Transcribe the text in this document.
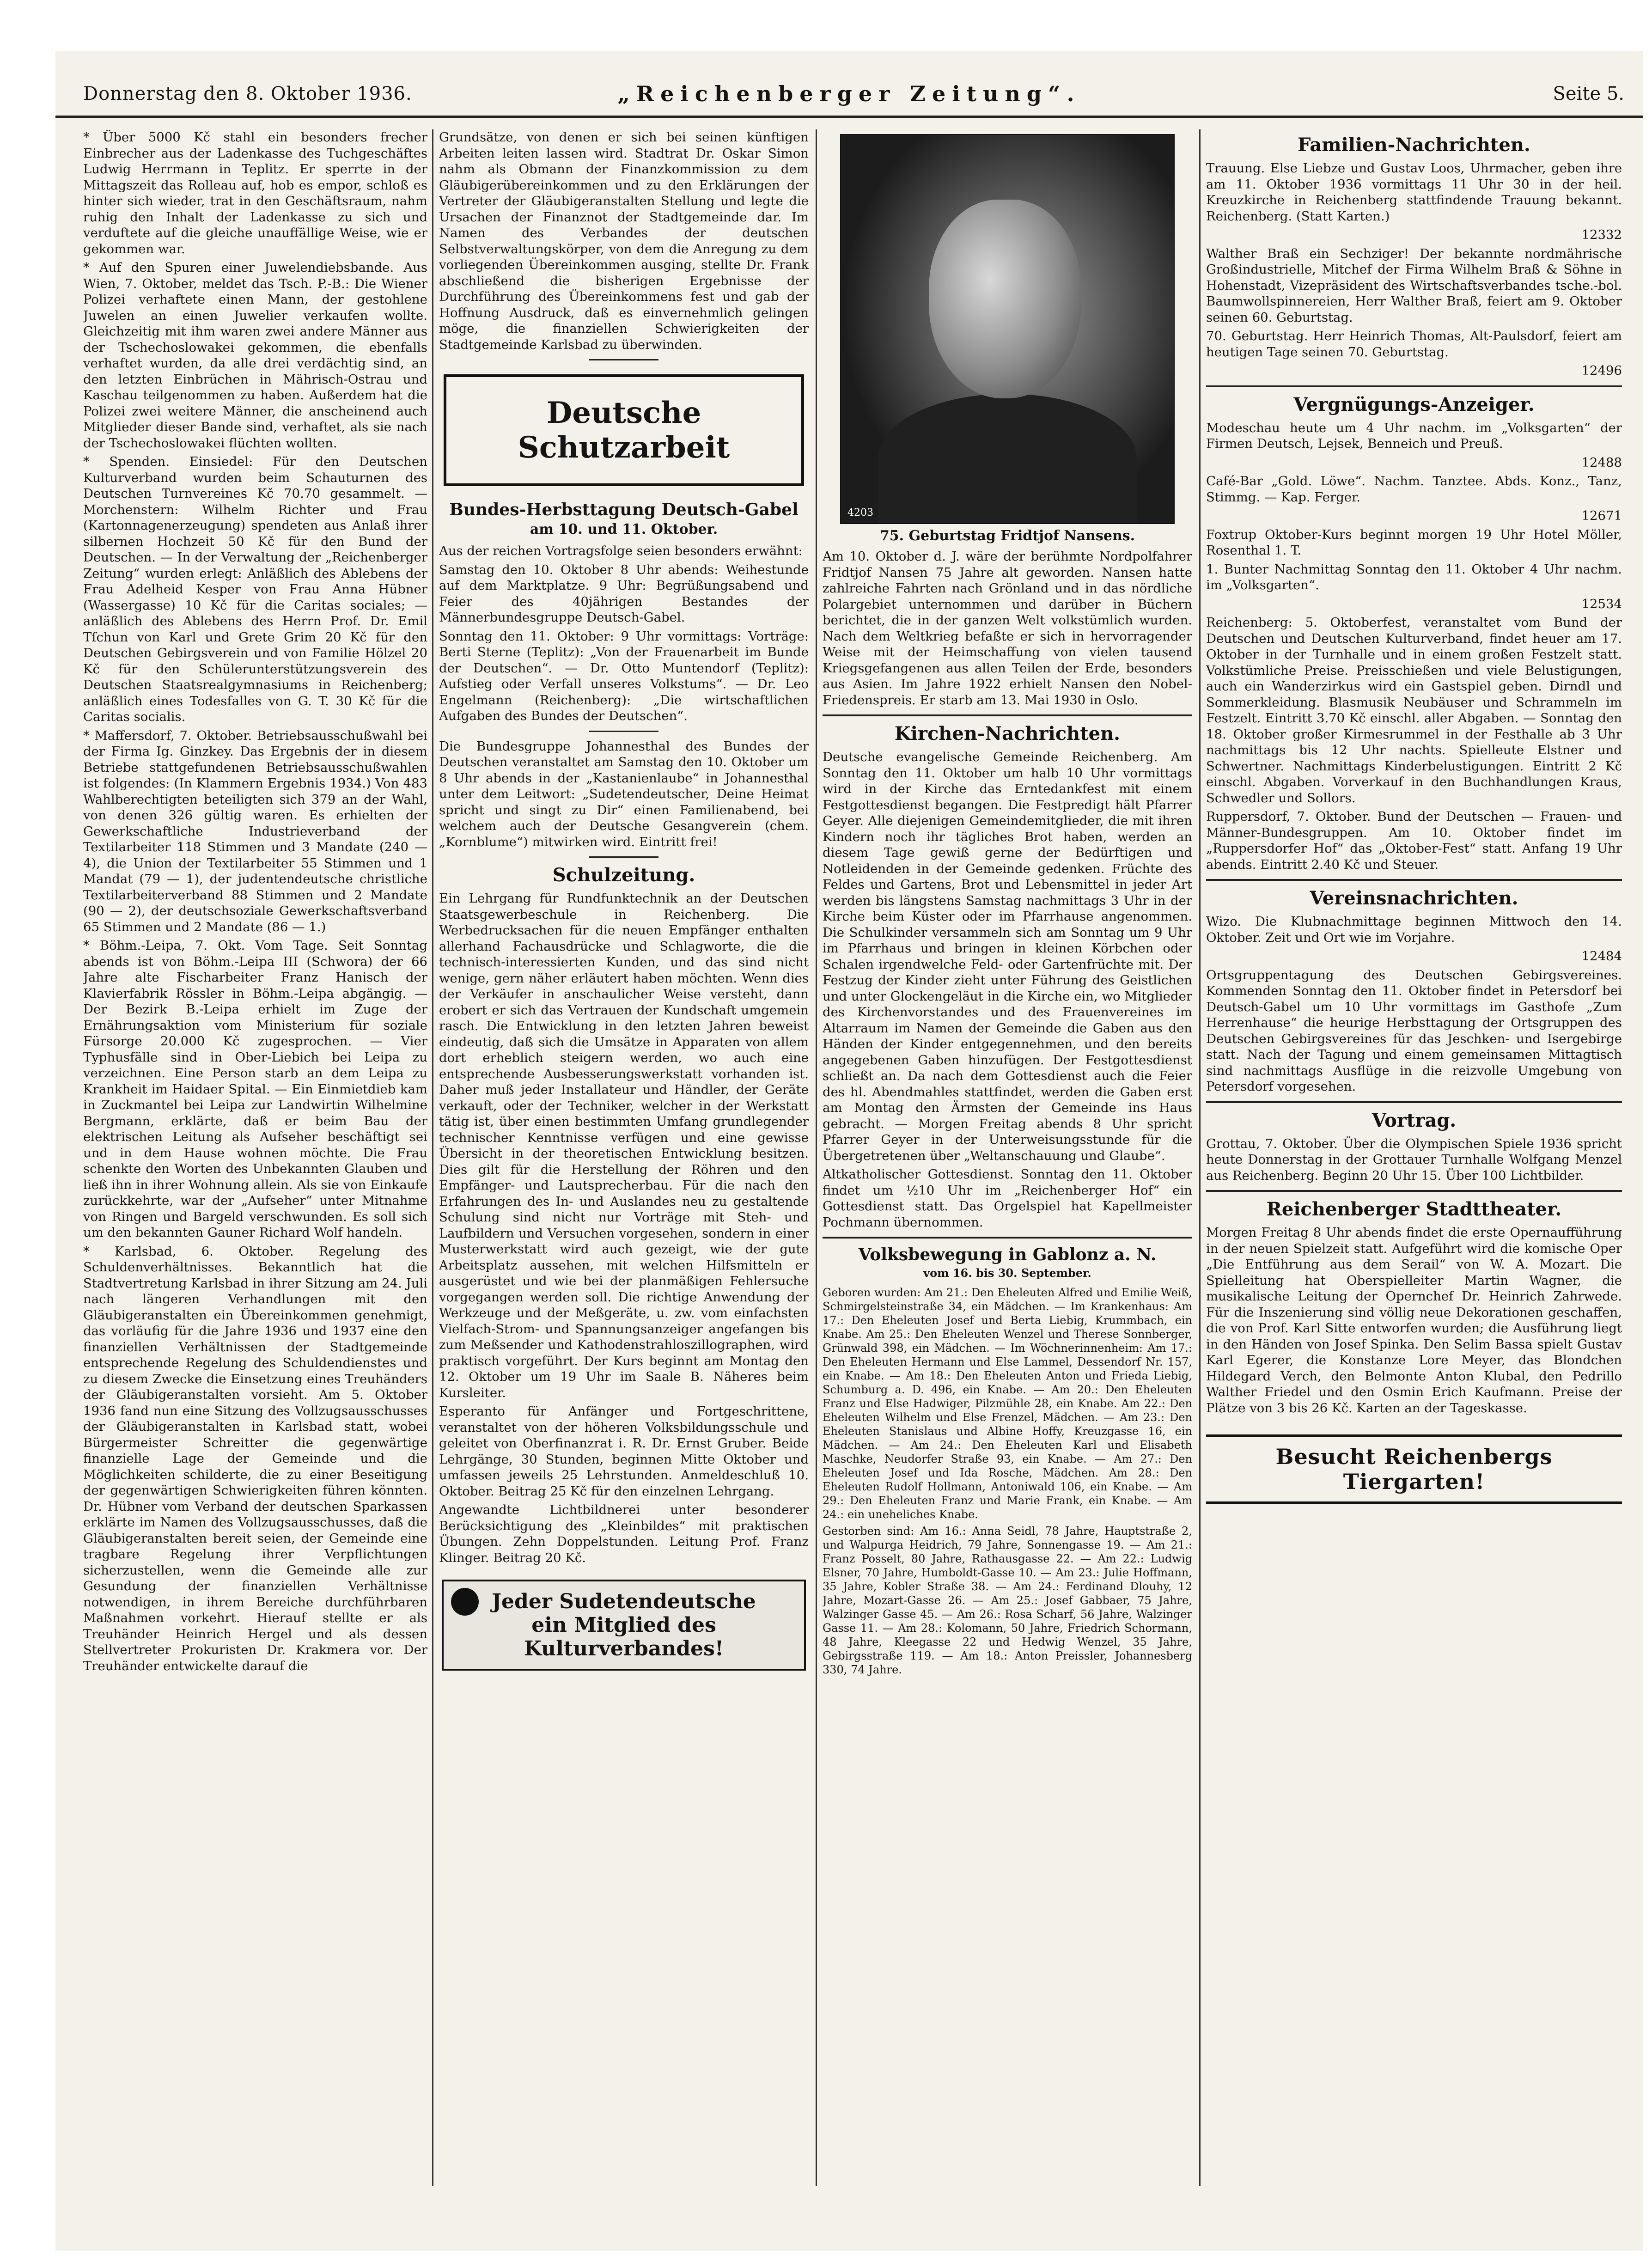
Donnerstag den 8. Oktober 1936.	„Reichenberger Zeitung“.	Seite 5.

* Über 5000 Kč stahl ein besonders frecher Einbrecher aus der Ladenkasse des Tuchgeschäftes Ludwig Herrmann in Teplitz. Er sperrte in der Mittagszeit das Rolleau auf, hob es empor, schloß es hinter sich wieder, trat in den Geschäftsraum, nahm ruhig den Inhalt der Ladenkasse zu sich und verduftete auf die gleiche unauffällige Weise, wie er gekommen war.

* Auf den Spuren einer Juwelendiebsbande. Aus Wien, 7. Oktober, meldet das Tsch. P.-B.: Die Wiener Polizei verhaftete einen Mann, der gestohlene Juwelen an einen Juwelier verkaufen wollte. Gleichzeitig mit ihm waren zwei andere Männer aus der Tschechoslowakei gekommen, die ebenfalls verhaftet wurden, da alle drei verdächtig sind, an den letzten Einbrüchen in Mährisch-Ostrau und Kaschau teilgenommen zu haben. Außerdem hat die Polizei zwei weitere Männer, die anscheinend auch Mitglieder dieser Bande sind, verhaftet, als sie nach der Tschechoslowakei flüchten wollten.

* Spenden. Einsiedel: Für den Deutschen Kulturverband wurden beim Schauturnen des Deutschen Turnvereines Kč 70.70 gesammelt. — Morchenstern: Wilhelm Richter und Frau (Kartonnagenerzeugung) spendeten aus Anlaß ihrer silbernen Hochzeit 50 Kč für den Bund der Deutschen. — In der Verwaltung der „Reichenberger Zeitung“ wurden erlegt: Anläßlich des Ablebens der Frau Adelheid Kesper von Frau Anna Hübner (Wassergasse) 10 Kč für die Caritas sociales; — anläßlich des Ablebens des Herrn Prof. Dr. Emil Tſchun von Karl und Grete Grim 20 Kč für den Deutschen Gebirgsverein und von Familie Hölzel 20 Kč für den Schülerunterstützungsverein des Deutschen Staatsrealgymnasiums in Reichenberg; anläßlich eines Todesfalles von G. T. 30 Kč für die Caritas socialis.

* Maffersdorf, 7. Oktober. Betriebsausschußwahl bei der Firma Ig. Ginzkey. Das Ergebnis der in diesem Betriebe stattgefundenen Betriebsausschußwahlen ist folgendes: (In Klammern Ergebnis 1934.) Von 483 Wahlberechtigten beteiligten sich 379 an der Wahl, von denen 326 gültig waren. Es erhielten der Gewerkschaftliche Industrieverband der Textilarbeiter 118 Stimmen und 3 Mandate (240 — 4), die Union der Textilarbeiter 55 Stimmen und 1 Mandat (79 — 1), der judentendeutsche christliche Textilarbeiterverband 88 Stimmen und 2 Mandate (90 — 2), der deutschsoziale Gewerkschaftsverband 65 Stimmen und 2 Mandate (86 — 1.)

* Böhm.-Leipa, 7. Okt. Vom Tage. Seit Sonntag abends ist von Böhm.-Leipa III (Schwora) der 66 Jahre alte Fischarbeiter Franz Hanisch der Klavierfabrik Rössler in Böhm.-Leipa abgängig. — Der Bezirk B.-Leipa erhielt im Zuge der Ernährungsaktion vom Ministerium für soziale Fürsorge 20.000 Kč zugesprochen. — Vier Typhusfälle sind in Ober-Liebich bei Leipa zu verzeichnen. Eine Person starb an dem Leipa zu Krankheit im Haidaer Spital. — Ein Einmietdieb kam in Zuckmantel bei Leipa zur Landwirtin Wilhelmine Bergmann, erklärte, daß er beim Bau der elektrischen Leitung als Aufseher beschäftigt sei und in dem Hause wohnen möchte. Die Frau schenkte den Worten des Unbekannten Glauben und ließ ihn in ihrer Wohnung allein. Als sie von Einkaufe zurückkehrte, war der „Aufseher“ unter Mitnahme von Ringen und Bargeld verschwunden. Es soll sich um den bekannten Gauner Richard Wolf handeln.

* Karlsbad, 6. Oktober. Regelung des Schuldenverhältnisses. Bekanntlich hat die Stadtvertretung Karlsbad in ihrer Sitzung am 24. Juli nach längeren Verhandlungen mit den Gläubigeranstalten ein Übereinkommen genehmigt, das vorläufig für die Jahre 1936 und 1937 eine den finanziellen Verhältnissen der Stadtgemeinde entsprechende Regelung des Schuldendienstes und zu diesem Zwecke die Einsetzung eines Treuhänders der Gläubigeranstalten vorsieht. Am 5. Oktober 1936 fand nun eine Sitzung des Vollzugsausschusses der Gläubigeranstalten in Karlsbad statt, wobei Bürgermeister Schreitter die gegenwärtige finanzielle Lage der Gemeinde und die Möglichkeiten schilderte, die zu einer Beseitigung der gegenwärtigen Schwierigkeiten führen könnten. Dr. Hübner vom Verband der deutschen Sparkassen erklärte im Namen des Vollzugsausschusses, daß die Gläubigeranstalten bereit seien, der Gemeinde eine tragbare Regelung ihrer Verpflichtungen sicherzustellen, wenn die Gemeinde alle zur Gesundung der finanziellen Verhältnisse notwendigen, in ihrem Bereiche durchführbaren Maßnahmen vorkehrt. Hierauf stellte er als Treuhänder Heinrich Hergel und als dessen Stellvertreter Prokuristen Dr. Krakmera vor. Der Treuhänder entwickelte darauf die

Grundsätze, von denen er sich bei seinen künftigen Arbeiten leiten lassen wird. Stadtrat Dr. Oskar Simon nahm als Obmann der Finanzkommission zu dem Gläubigerübereinkommen und zu den Erklärungen der Vertreter der Gläubigeranstalten Stellung und legte die Ursachen der Finanznot der Stadtgemeinde dar. Im Namen des Verbandes der deutschen Selbstverwaltungskörper, von dem die Anregung zu dem vorliegenden Übereinkommen ausging, stellte Dr. Frank abschließend die bisherigen Ergebnisse der Durchführung des Übereinkommens fest und gab der Hoffnung Ausdruck, daß es einvernehmlich gelingen möge, die finanziellen Schwierigkeiten der Stadtgemeinde Karlsbad zu überwinden.

Deutsche Schutzarbeit
Bundes-Herbsttagung Deutsch-Gabel
am 10. und 11. Oktober.

Aus der reichen Vortragsfolge seien besonders erwähnt:

Samstag den 10. Oktober 8 Uhr abends: Weihestunde auf dem Marktplatze. 9 Uhr: Begrüßungsabend und Feier des 40jährigen Bestandes der Männerbundesgruppe Deutsch-Gabel.

Sonntag den 11. Oktober: 9 Uhr vormittags: Vorträge: Berti Sterne (Teplitz): „Von der Frauenarbeit im Bunde der Deutschen“. — Dr. Otto Muntendorf (Teplitz): Aufstieg oder Verfall unseres Volkstums“. — Dr. Leo Engelmann (Reichenberg): „Die wirtschaftlichen Aufgaben des Bundes der Deutschen“.

Die Bundesgruppe Johannesthal des Bundes der Deutschen veranstaltet am Samstag den 10. Oktober um 8 Uhr abends in der „Kastanienlaube“ in Johannesthal unter dem Leitwort: „Sudetendeutscher, Deine Heimat spricht und singt zu Dir“ einen Familienabend, bei welchem auch der Deutsche Gesangverein (chem. „Kornblume“) mitwirken wird. Eintritt frei!

Schulzeitung.

Ein Lehrgang für Rundfunktechnik an der Deutschen Staatsgewerbeschule in Reichenberg. Die Werbedrucksachen für die neuen Empfänger enthalten allerhand Fachausdrücke und Schlagworte, die die technisch-interessierten Kunden, und das sind nicht wenige, gern näher erläutert haben möchten. Wenn dies der Verkäufer in anschaulicher Weise versteht, dann erobert er sich das Vertrauen der Kundschaft umgemein rasch. Die Entwicklung in den letzten Jahren beweist eindeutig, daß sich die Umsätze in Apparaten von allem dort erheblich steigern werden, wo auch eine entsprechende Ausbesserungswerkstatt vorhanden ist. Daher muß jeder Installateur und Händler, der Geräte verkauft, oder der Techniker, welcher in der Werkstatt tätig ist, über einen bestimmten Umfang grundlegender technischer Kenntnisse verfügen und eine gewisse Übersicht in der theoretischen Entwicklung besitzen. Dies gilt für die Herstellung der Röhren und den Empfänger- und Lautsprecherbau. Für die nach den Erfahrungen des In- und Auslandes neu zu gestaltende Schulung sind nicht nur Vorträge mit Steh- und Laufbildern und Versuchen vorgesehen, sondern in einer Musterwerkstatt wird auch gezeigt, wie der gute Arbeitsplatz aussehen, mit welchen Hilfsmitteln er ausgerüstet und wie bei der planmäßigen Fehlersuche vorgegangen werden soll. Die richtige Anwendung der Werkzeuge und der Meßgeräte, u. zw. vom einfachsten Vielfach-Strom- und Spannungsanzeiger angefangen bis zum Meßsender und Kathodenstrahloszillographen, wird praktisch vorgeführt. Der Kurs beginnt am Montag den 12. Oktober um 19 Uhr im Saale B. Näheres beim Kursleiter.

Esperanto für Anfänger und Fortgeschrittene, veranstaltet von der höheren Volksbildungsschule und geleitet von Oberfinanzrat i. R. Dr. Ernst Gruber. Beide Lehrgänge, 30 Stunden, beginnen Mitte Oktober und umfassen jeweils 25 Lehrstunden. Anmeldeschluß 10. Oktober. Beitrag 25 Kč für den einzelnen Lehrgang.

Angewandte Lichtbildnerei unter besonderer Berücksichtigung des „Kleinbildes“ mit praktischen Übungen. Zehn Doppelstunden. Leitung Prof. Franz Klinger. Beitrag 20 Kč.

Jeder Sudetendeutsche
ein Mitglied des Kulturverbandes!
4203
75. Geburtstag Fridtjof Nansens.

Am 10. Oktober d. J. wäre der berühmte Nordpolfahrer Fridtjof Nansen 75 Jahre alt geworden. Nansen hatte zahlreiche Fahrten nach Grönland und in das nördliche Polargebiet unternommen und darüber in Büchern berichtet, die in der ganzen Welt volkstümlich wurden. Nach dem Weltkrieg befaßte er sich in hervorragender Weise mit der Heimschaffung von vielen tausend Kriegsgefangenen aus allen Teilen der Erde, besonders aus Asien. Im Jahre 1922 erhielt Nansen den Nobel-Friedenspreis. Er starb am 13. Mai 1930 in Oslo.

Kirchen-Nachrichten.

Deutsche evangelische Gemeinde Reichenberg. Am Sonntag den 11. Oktober um halb 10 Uhr vormittags wird in der Kirche das Erntedankfest mit einem Festgottesdienst begangen. Die Festpredigt hält Pfarrer Geyer. Alle diejenigen Gemeindemitglieder, die mit ihren Kindern noch ihr tägliches Brot haben, werden an diesem Tage gewiß gerne der Bedürftigen und Notleidenden in der Gemeinde gedenken. Früchte des Feldes und Gartens, Brot und Lebensmittel in jeder Art werden bis längstens Samstag nachmittags 3 Uhr in der Kirche beim Küster oder im Pfarrhause angenommen. Die Schulkinder versammeln sich am Sonntag um 9 Uhr im Pfarrhaus und bringen in kleinen Körbchen oder Schalen irgendwelche Feld- oder Gartenfrüchte mit. Der Festzug der Kinder zieht unter Führung des Geistlichen und unter Glockengeläut in die Kirche ein, wo Mitglieder des Kirchenvorstandes und des Frauenvereines im Altarraum im Namen der Gemeinde die Gaben aus den Händen der Kinder entgegennehmen, und den bereits angegebenen Gaben hinzufügen. Der Festgottesdienst schließt an. Da nach dem Gottesdienst auch die Feier des hl. Abendmahles stattfindet, werden die Gaben erst am Montag den Ärmsten der Gemeinde ins Haus gebracht. — Morgen Freitag abends 8 Uhr spricht Pfarrer Geyer in der Unterweisungsstunde für die Übergetretenen über „Weltanschauung und Glaube“.

Altkatholischer Gottesdienst. Sonntag den 11. Oktober findet um ½10 Uhr im „Reichenberger Hof“ ein Gottesdienst statt. Das Orgelspiel hat Kapellmeister Pochmann übernommen.

Volksbewegung in Gablonz a. N.
vom 16. bis 30. September.

Geboren wurden: Am 21.: Den Eheleuten Alfred und Emilie Weiß, Schmirgelsteinstraße 34, ein Mädchen. — Im Krankenhaus: Am 17.: Den Eheleuten Josef und Berta Liebig, Krummbach, ein Knabe. Am 25.: Den Eheleuten Wenzel und Therese Sonnberger, Grünwald 398, ein Mädchen. — Im Wöchnerinnenheim: Am 17.: Den Eheleuten Hermann und Else Lammel, Dessendorf Nr. 157, ein Knabe. — Am 18.: Den Eheleuten Anton und Frieda Liebig, Schumburg a. D. 496, ein Knabe. — Am 20.: Den Eheleuten Franz und Else Hadwiger, Pilzmühle 28, ein Knabe. Am 22.: Den Eheleuten Wilhelm und Else Frenzel, Mädchen. — Am 23.: Den Eheleuten Stanislaus und Albine Hoffy, Kreuzgasse 16, ein Mädchen. — Am 24.: Den Eheleuten Karl und Elisabeth Maschke, Neudorfer Straße 93, ein Knabe. — Am 27.: Den Eheleuten Josef und Ida Rosche, Mädchen. Am 28.: Den Eheleuten Rudolf Hollmann, Antoniwald 106, ein Knabe. — Am 29.: Den Eheleuten Franz und Marie Frank, ein Knabe. — Am 24.: ein uneheliches Knabe.

Gestorben sind: Am 16.: Anna Seidl, 78 Jahre, Hauptstraße 2, und Walpurga Heidrich, 79 Jahre, Sonnengasse 19. — Am 21.: Franz Posselt, 80 Jahre, Rathausgasse 22. — Am 22.: Ludwig Elsner, 70 Jahre, Humboldt-Gasse 10. — Am 23.: Julie Hoffmann, 35 Jahre, Kobler Straße 38. — Am 24.: Ferdinand Dlouhy, 12 Jahre, Mozart-Gasse 26. — Am 25.: Josef Gabbaer, 75 Jahre, Walzinger Gasse 45. — Am 26.: Rosa Scharf, 56 Jahre, Walzinger Gasse 11. — Am 28.: Kolomann, 50 Jahre, Friedrich Schormann, 48 Jahre, Kleegasse 22 und Hedwig Wenzel, 35 Jahre, Gebirgsstraße 119. — Am 18.: Anton Preissler, Johannesberg 330, 74 Jahre.

Familien-Nachrichten.

Trauung. Else Liebze und Gustav Loos, Uhrmacher, geben ihre am 11. Oktober 1936 vormittags 11 Uhr 30 in der heil. Kreuzkirche in Reichenberg stattfindende Trauung bekannt. Reichenberg. (Statt Karten.)

12332

Walther Braß ein Sechziger! Der bekannte nordmährische Großindustrielle, Mitchef der Firma Wilhelm Braß & Söhne in Hohenstadt, Vizepräsident des Wirtschaftsverbandes tsche.-bol. Baumwollspinnereien, Herr Walther Braß, feiert am 9. Oktober seinen 60. Geburtstag.

70. Geburtstag. Herr Heinrich Thomas, Alt-Paulsdorf, feiert am heutigen Tage seinen 70. Geburtstag.

12496
Vergnügungs-Anzeiger.

Modeschau heute um 4 Uhr nachm. im „Volksgarten“ der Firmen Deutsch, Lejsek, Benneich und Preuß.

12488

Café-Bar „Gold. Löwe“. Nachm. Tanztee. Abds. Konz., Tanz, Stimmg. — Kap. Ferger.

12671

Foxtrup Oktober-Kurs beginnt morgen 19 Uhr Hotel Möller, Rosenthal 1. T.

1. Bunter Nachmittag Sonntag den 11. Oktober 4 Uhr nachm. im „Volksgarten“.

12534

Reichenberg: 5. Oktoberfest, veranstaltet vom Bund der Deutschen und Deutschen Kulturverband, findet heuer am 17. Oktober in der Turnhalle und in einem großen Festzelt statt. Volkstümliche Preise. Preisschießen und viele Belustigungen, auch ein Wanderzirkus wird ein Gastspiel geben. Dirndl und Sommerkleidung. Blasmusik Neubäuser und Schrammeln im Festzelt. Eintritt 3.70 Kč einschl. aller Abgaben. — Sonntag den 18. Oktober großer Kirmesrummel in der Festhalle ab 3 Uhr nachmittags bis 12 Uhr nachts. Spielleute Elstner und Schwertner. Nachmittags Kinderbelustigungen. Eintritt 2 Kč einschl. Abgaben. Vorverkauf in den Buchhandlungen Kraus, Schwedler und Sollors.

Ruppersdorf, 7. Oktober. Bund der Deutschen — Frauen- und Männer-Bundesgruppen. Am 10. Oktober findet im „Ruppersdorfer Hof“ das „Oktober-Fest“ statt. Anfang 19 Uhr abends. Eintritt 2.40 Kč und Steuer.

Vereinsnachrichten.

Wizo. Die Klubnachmittage beginnen Mittwoch den 14. Oktober. Zeit und Ort wie im Vorjahre.

12484

Ortsgruppentagung des Deutschen Gebirgsvereines. Kommenden Sonntag den 11. Oktober findet in Petersdorf bei Deutsch-Gabel um 10 Uhr vormittags im Gasthofe „Zum Herrenhause“ die heurige Herbsttagung der Ortsgruppen des Deutschen Gebirgsvereines für das Jeschken- und Isergebirge statt. Nach der Tagung und einem gemeinsamen Mittagtisch sind nachmittags Ausflüge in die reizvolle Umgebung von Petersdorf vorgesehen.

Vortrag.

Grottau, 7. Oktober. Über die Olympischen Spiele 1936 spricht heute Donnerstag in der Grottauer Turnhalle Wolfgang Menzel aus Reichenberg. Beginn 20 Uhr 15. Über 100 Lichtbilder.

Reichenberger Stadttheater.

Morgen Freitag 8 Uhr abends findet die erste Opernaufführung in der neuen Spielzeit statt. Aufgeführt wird die komische Oper „Die Entführung aus dem Serail“ von W. A. Mozart. Die Spielleitung hat Oberspielleiter Martin Wagner, die musikalische Leitung der Opernchef Dr. Heinrich Zahrwede. Für die Inszenierung sind völlig neue Dekorationen geschaffen, die von Prof. Karl Sitte entworfen wurden; die Ausführung liegt in den Händen von Josef Spinka. Den Selim Bassa spielt Gustav Karl Egerer, die Konstanze Lore Meyer, das Blondchen Hildegard Verch, den Belmonte Anton Klubal, den Pedrillo Walther Friedel und den Osmin Erich Kaufmann. Preise der Plätze von 3 bis 26 Kč. Karten an der Tageskasse.

Besucht Reichenbergs Tiergarten!
